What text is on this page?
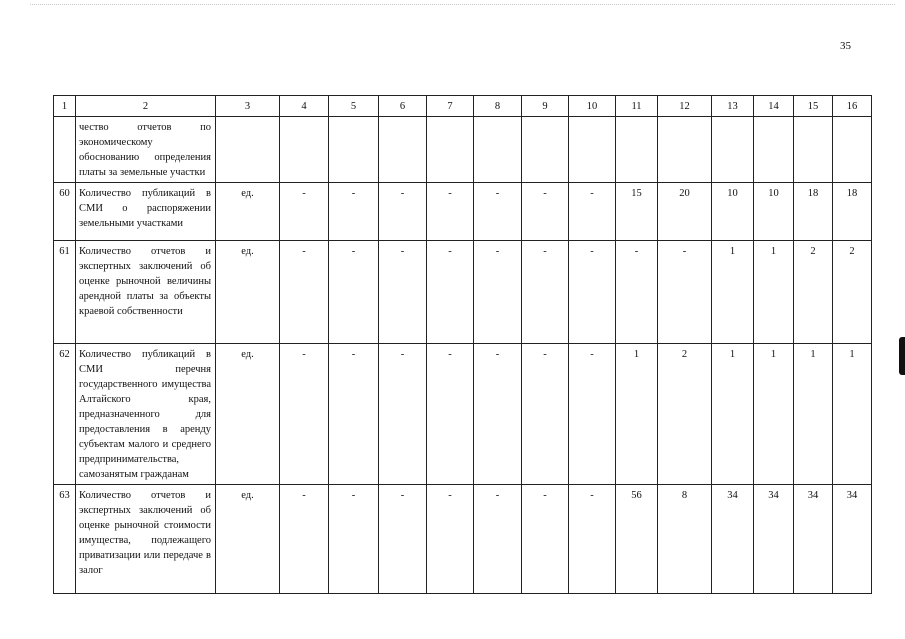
35
1	2	3	4	5	6	7	8	9	10	11	12	13	14	15	16
	чество отчетов по экономическому обоснованию определения платы за земельные участки														
60	Количество публикаций в СМИ о распоряжении земельными участками	ед.	-	-	-	-	-	-	-	15	20	10	10	18	18
61	Количество отчетов и экспертных заключений об оценке рыночной величины арендной платы за объекты краевой собственности	ед.	-	-	-	-	-	-	-	-	-	1	1	2	2
62	Количество публикаций в СМИ перечня государственного имущества Алтайского края, предназначенного для предоставления в аренду субъектам малого и среднего предпринимательства, самозанятым гражданам	ед.	-	-	-	-	-	-	-	1	2	1	1	1	1
63	Количество отчетов и экспертных заключений об оценке рыночной стоимости имущества, подлежащего приватизации или передаче в залог	ед.	-	-	-	-	-	-	-	56	8	34	34	34	34
